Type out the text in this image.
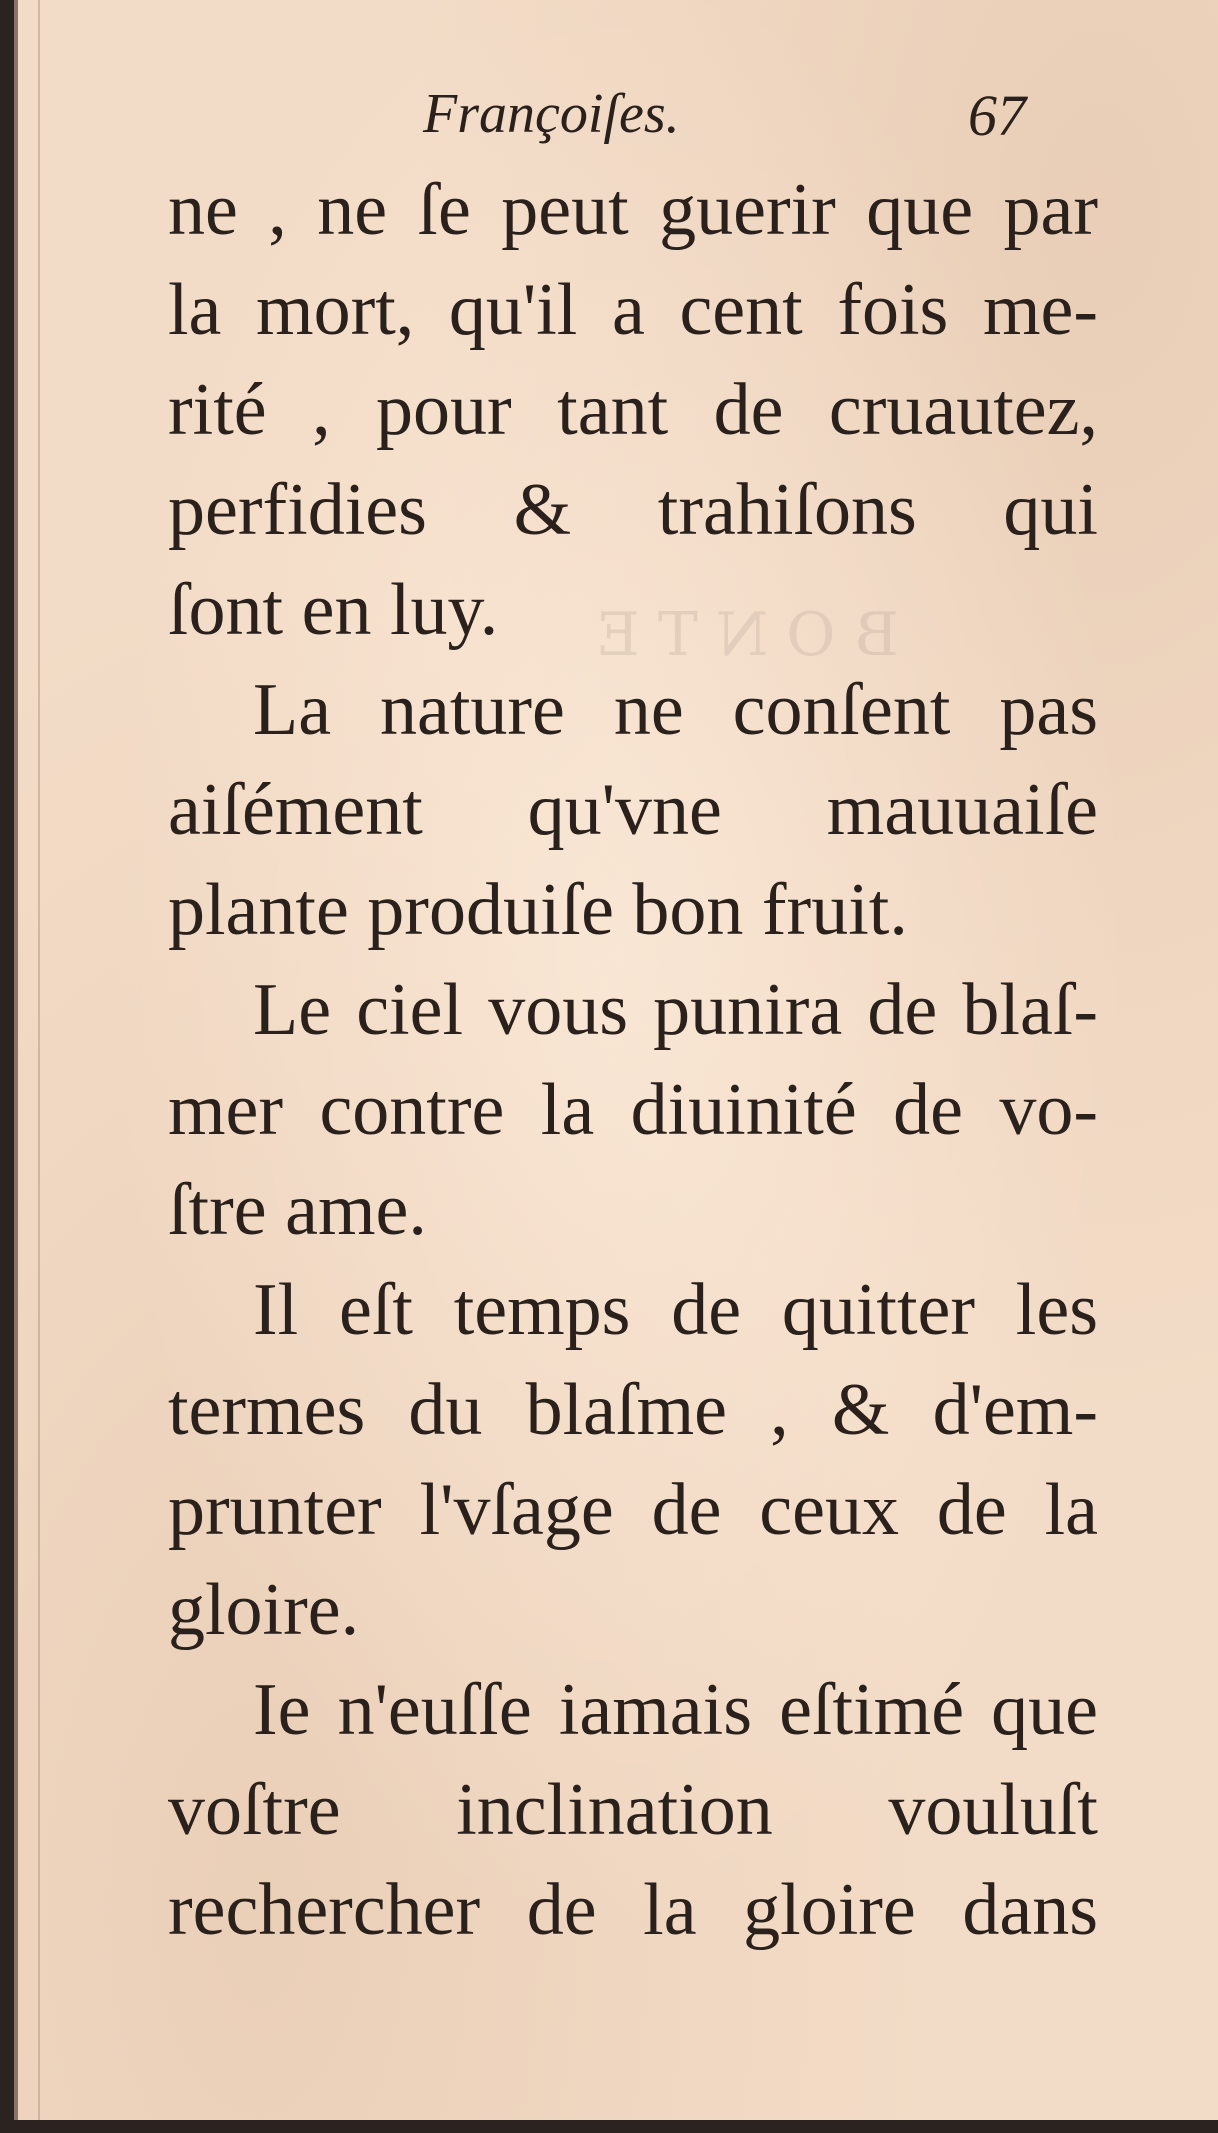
BONTE
Françoiſes.	67
ne , ne ſe peut guerir que par
la mort, qu'il a cent fois me-
rité , pour tant de cruautez,
perfidies & trahiſons qui
ſont en luy.
La nature ne conſent pas
aiſément qu'vne mauuaiſe
plante produiſe bon fruit.
Le ciel vous punira de blaſ-
mer contre la diuinité de vo-
ſtre ame.
Il eſt temps de quitter les
termes du blaſme , & d'em-
prunter l'vſage de ceux de la
gloire.
Ie n'euſſe iamais eſtimé que
voſtre inclination vouluſt
rechercher de la gloire dans
